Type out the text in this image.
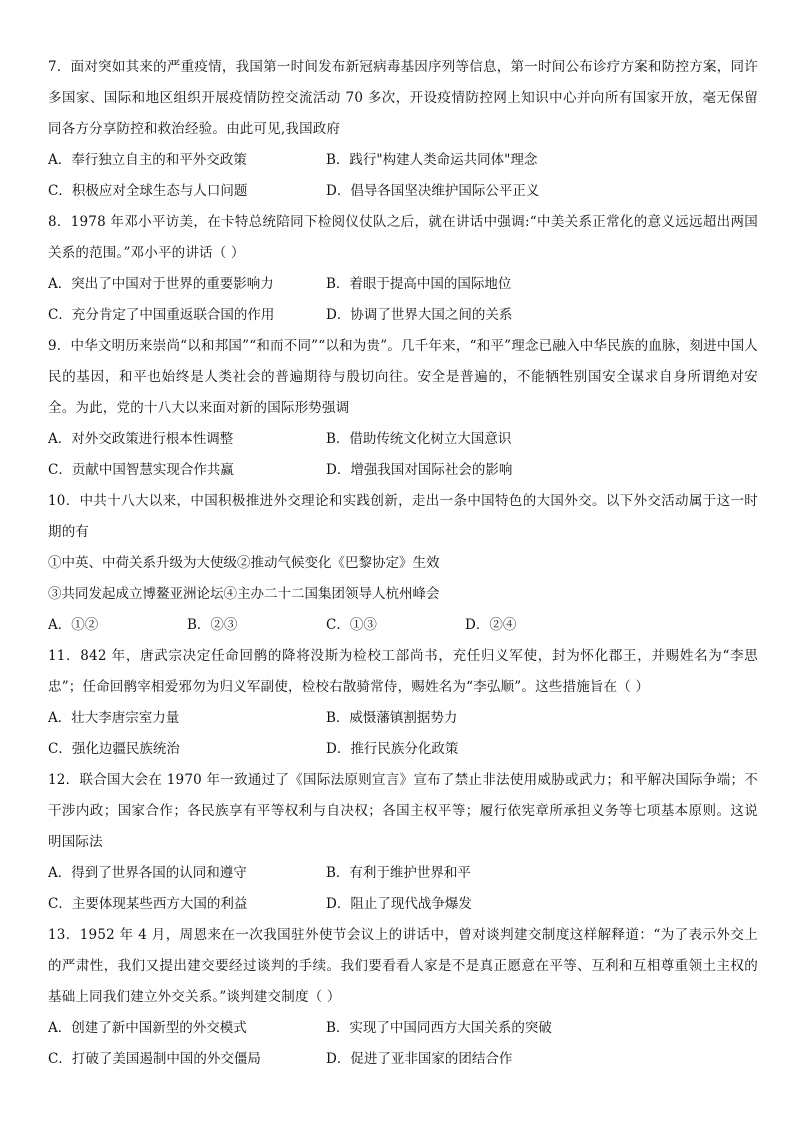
7．面对突如其来的严重疫情，我国第一时间发布新冠病毒基因序列等信息，第一时间公布诊疗方案和防控方案，同许多国家、国际和地区组织开展疫情防控交流活动 70 多次，开设疫情防控网上知识中心并向所有国家开放，毫无保留同各方分享防控和救治经验。由此可见,我国政府
A．奉行独立自主的和平外交政策	B．践行"构建人类命运共同体"理念
C．积极应对全球生态与人口问题	D．倡导各国坚决维护国际公平正义
8．1978 年邓小平访美，在卡特总统陪同下检阅仪仗队之后，就在讲话中强调:“中美关系正常化的意义远远超出两国关系的范围。”邓小平的讲话（ ）
A．突出了中国对于世界的重要影响力	B．着眼于提高中国的国际地位
C．充分肯定了中国重返联合国的作用	D．协调了世界大国之间的关系
9．中华文明历来崇尚“以和邦国”“和而不同”“以和为贵”。几千年来，“和平”理念已融入中华民族的血脉，刻进中国人民的基因，和平也始终是人类社会的普遍期待与殷切向往。安全是普遍的，不能牺牲别国安全谋求自身所谓绝对安全。为此，党的十八大以来面对新的国际形势强调
A．对外交政策进行根本性调整	B．借助传统文化树立大国意识
C．贡献中国智慧实现合作共赢	D．增强我国对国际社会的影响
10．中共十八大以来，中国积极推进外交理论和实践创新，走出一条中国特色的大国外交。以下外交活动属于这一时期的有
①中英、中荷关系升级为大使级②推动气候变化《巴黎协定》生效
③共同发起成立博鳌亚洲论坛④主办二十二国集团领导人杭州峰会
A．①②	B．②③	C．①③	D．②④
11．842 年，唐武宗决定任命回鹘的降将没斯为检校工部尚书，充任归义军使，封为怀化郡王，并赐姓名为“李思忠”；任命回鹘宰相爱邪勿为归义军副使，检校右散骑常侍，赐姓名为“李弘顺”。这些措施旨在（ ）
A．壮大李唐宗室力量	B．威慑藩镇割据势力
C．强化边疆民族统治	D．推行民族分化政策
12．联合国大会在 1970 年一致通过了《国际法原则宣言》宣布了禁止非法使用威胁或武力；和平解决国际争端；不干涉内政；国家合作；各民族享有平等权利与自决权；各国主权平等；履行依宪章所承担义务等七项基本原则。这说明国际法
A．得到了世界各国的认同和遵守	B．有利于维护世界和平
C．主要体现某些西方大国的利益	D．阻止了现代战争爆发
13．1952 年 4 月，周恩来在一次我国驻外使节会议上的讲话中，曾对谈判建交制度这样解释道：“为了表示外交上的严肃性，我们又提出建交要经过谈判的手续。我们要看看人家是不是真正愿意在平等、互利和互相尊重领土主权的基础上同我们建立外交关系。”谈判建交制度（ ）
A．创建了新中国新型的外交模式	B．实现了中国同西方大国关系的突破
C．打破了美国遏制中国的外交僵局	D．促进了亚非国家的团结合作
